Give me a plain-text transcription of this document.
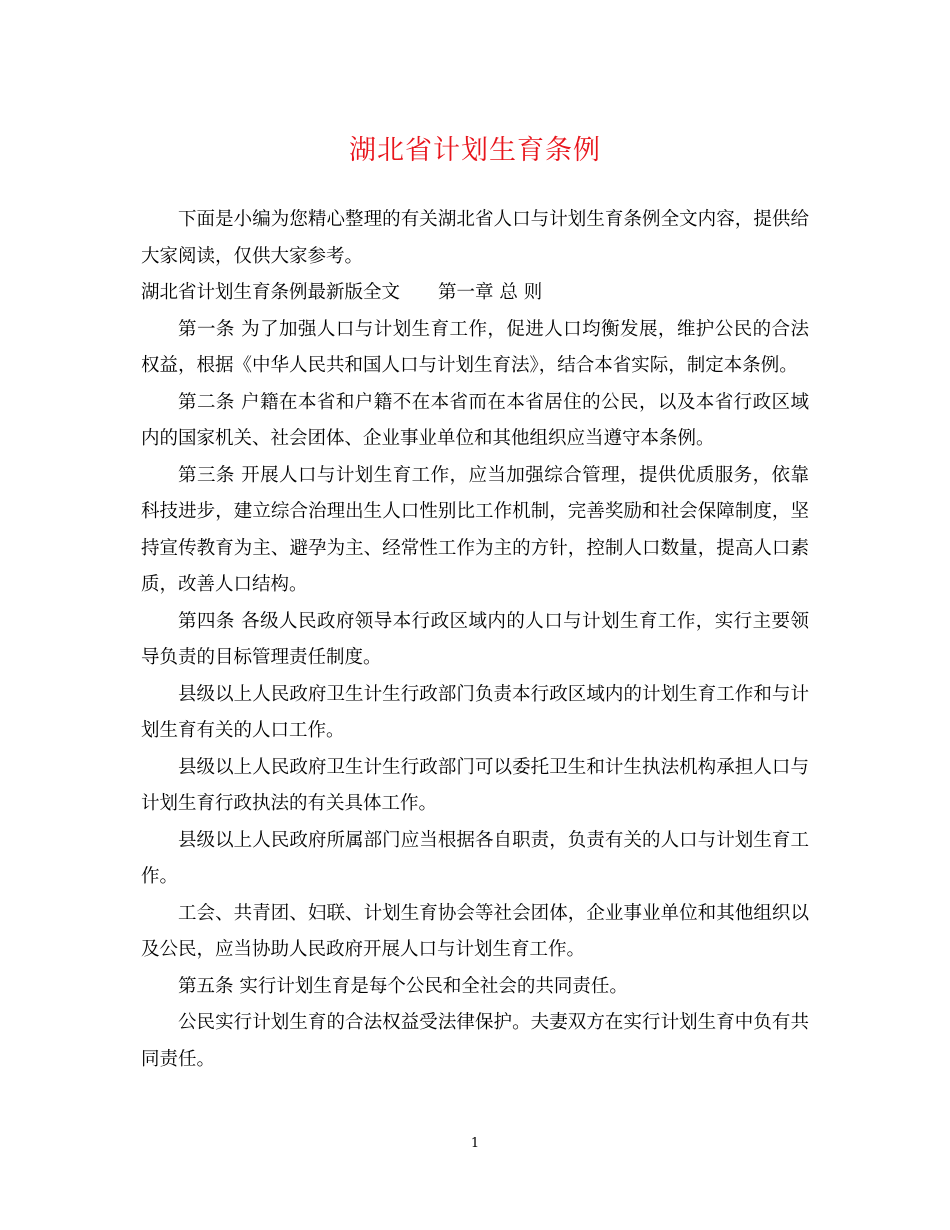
湖北省计划生育条例

下面是小编为您精心整理的有关湖北省人口与计划生育条例全文内容，提供给大家阅读，仅供大家参考。

湖北省计划生育条例最新版全文 第一章 总 则

第一条 为了加强人口与计划生育工作，促进人口均衡发展，维护公民的合法权益，根据《中华人民共和国人口与计划生育法》，结合本省实际，制定本条例。

第二条 户籍在本省和户籍不在本省而在本省居住的公民，以及本省行政区域内的国家机关、社会团体、企业事业单位和其他组织应当遵守本条例。

第三条 开展人口与计划生育工作，应当加强综合管理，提供优质服务，依靠科技进步，建立综合治理出生人口性别比工作机制，完善奖励和社会保障制度，坚持宣传教育为主、避孕为主、经常性工作为主的方针，控制人口数量，提高人口素质，改善人口结构。

第四条 各级人民政府领导本行政区域内的人口与计划生育工作，实行主要领导负责的目标管理责任制度。

县级以上人民政府卫生计生行政部门负责本行政区域内的计划生育工作和与计划生育有关的人口工作。

县级以上人民政府卫生计生行政部门可以委托卫生和计生执法机构承担人口与计划生育行政执法的有关具体工作。

县级以上人民政府所属部门应当根据各自职责，负责有关的人口与计划生育工作。

工会、共青团、妇联、计划生育协会等社会团体，企业事业单位和其他组织以及公民，应当协助人民政府开展人口与计划生育工作。

第五条 实行计划生育是每个公民和全社会的共同责任。

公民实行计划生育的合法权益受法律保护。夫妻双方在实行计划生育中负有共同责任。

1
